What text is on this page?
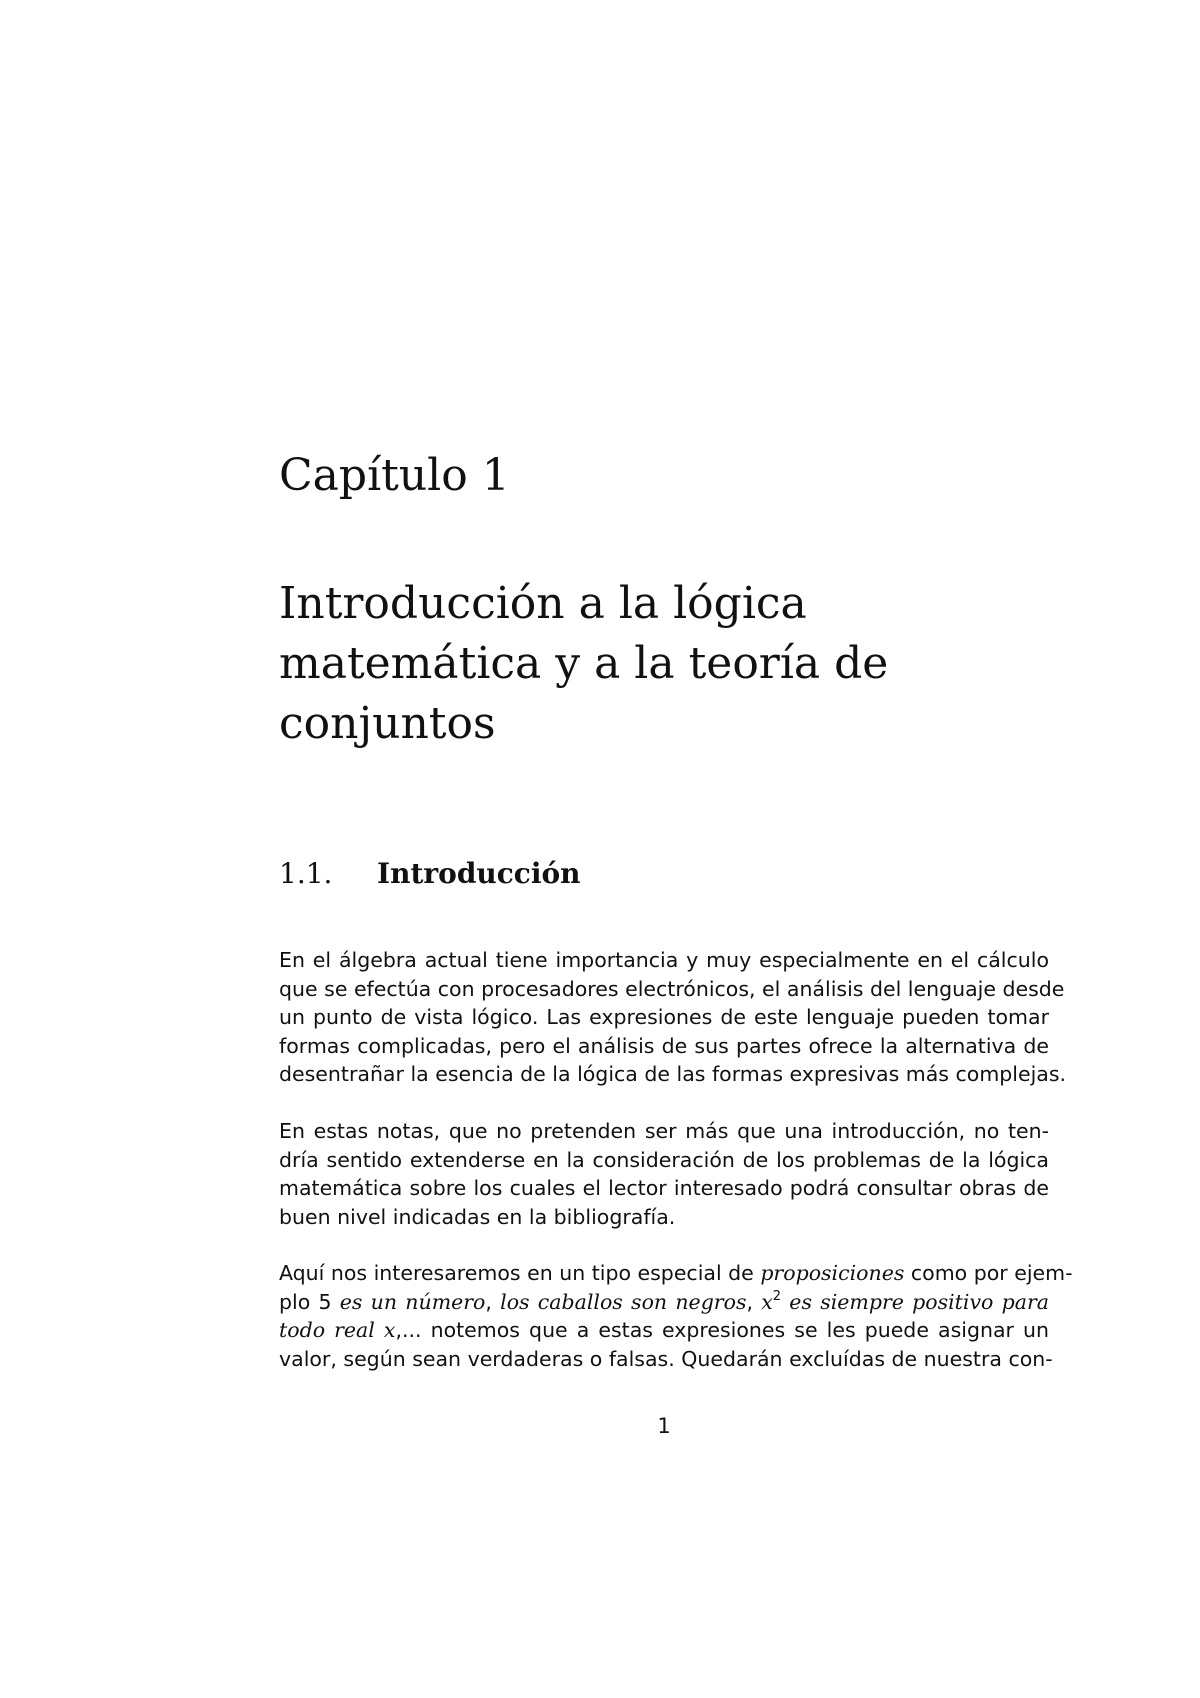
Capítulo 1
Introducción a la lógica
matemática y a la teoría de
conjuntos
1.1. Introducción
En el álgebra actual tiene importancia y muy especialmente en el cálculo
que se efectúa con procesadores electrónicos, el análisis del lenguaje desde
un punto de vista lógico. Las expresiones de este lenguaje pueden tomar
formas complicadas, pero el análisis de sus partes ofrece la alternativa de
desentrañar la esencia de la lógica de las formas expresivas más complejas.
En estas notas, que no pretenden ser más que una introducción, no ten-
dría sentido extenderse en la consideración de los problemas de la lógica
matemática sobre los cuales el lector interesado podrá consultar obras de
buen nivel indicadas en la bibliografía.
Aquí nos interesaremos en un tipo especial de proposiciones como por ejem-
plo 5 es un número, los caballos son negros, $x^2$ es siempre positivo para
todo real x,... notemos que a estas expresiones se les puede asignar un
valor, según sean verdaderas o falsas. Quedarán excluídas de nuestra con-
1
